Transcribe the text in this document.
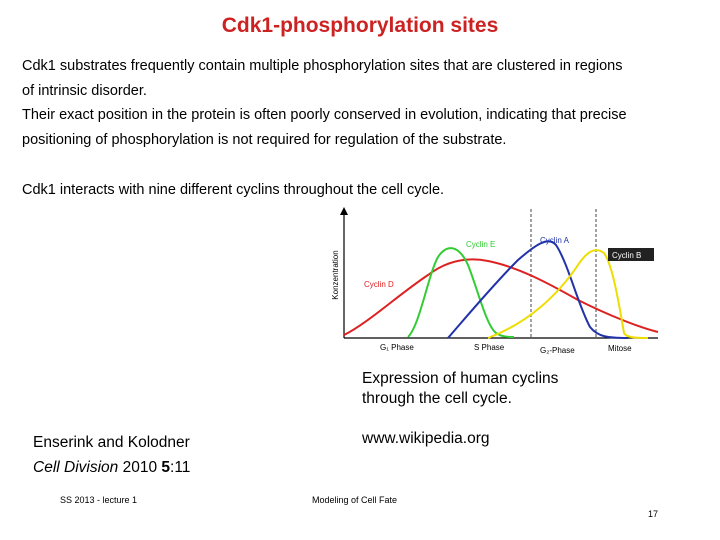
Cdk1-phosphorylation sites
Cdk1 substrates frequently contain multiple phosphorylation sites that are clustered in regions
of intrinsic disorder.
Their exact position in the protein is often poorly conserved in evolution, indicating that precise
positioning of phosphorylation is not required for regulation of the substrate.
Cdk1 interacts with nine different cyclins throughout the cell cycle.
Konzentration	Cyclin D
Cyclin E	Cyclin A
Cyclin B
G₁ Phase	S Phase	G₂-Phase	Mitose
Expression of human cyclins
through the cell cycle.
www.wikipedia.org
Enserink and Kolodner
Cell Division 2010 5:11
SS 2013 - lecture 1	Modeling of Cell Fate
17
